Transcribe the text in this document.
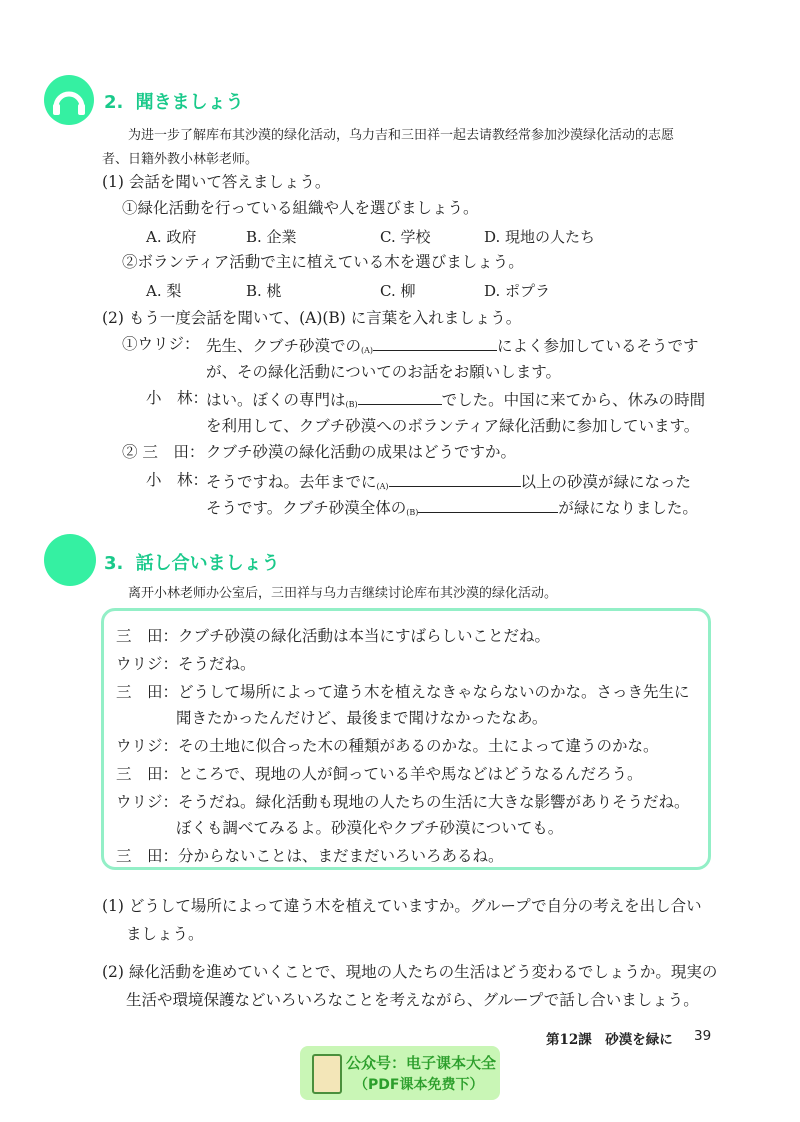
2. 聞きましょう
为进一步了解库布其沙漠的绿化活动，乌力吉和三田祥一起去请教经常参加沙漠绿化活动的志愿
者、日籍外教小林彰老师。
(1) 会話を聞いて答えましょう。
①緑化活動を行っている組織や人を選びましょう。
A. 政府	B. 企業	C. 学校	D. 現地の人たち
②ボランティア活動で主に植えている木を選びましょう。
A. 梨	B. 桃	C. 柳	D. ポプラ
(2) もう一度会話を聞いて、(A)(B) に言葉を入れましょう。
①ウリジ： 先生、クブチ砂漠での$_{(A)}$	によく参加しているそうです
が、その緑化活動についてのお話をお願いします。
小　林：
はい。ぼくの専門は$_{(B)}$	でした。中国に来てから、休みの時間
を利用して、クブチ砂漠へのボランティア緑化活動に参加しています。
② 三　田： クブチ砂漠の緑化活動の成果はどうですか。
小　林：
そうですね。去年までに$_{(A)}$	以上の砂漠が緑になった
そうです。クブチ砂漠全体の$_{(B)}$	が緑になりました。
3. 話し合いましょう
离开小林老师办公室后，三田祥与乌力吉继续讨论库布其沙漠的绿化活动。
三　田：クブチ砂漠の緑化活動は本当にすばらしいことだね。
ウリジ：そうだね。
三　田：どうして場所によって違う木を植えなきゃならないのかな。さっき先生に
聞きたかったんだけど、最後まで聞けなかったなあ。
ウリジ：その土地に似合った木の種類があるのかな。土によって違うのかな。
三　田：ところで、現地の人が飼っている羊や馬などはどうなるんだろう。
ウリジ：そうだね。緑化活動も現地の人たちの生活に大きな影響がありそうだね。
ぼくも調べてみるよ。砂漠化やクブチ砂漠についても。
三　田：分からないことは、まだまだいろいろあるね。
(1) どうして場所によって違う木を植えていますか。グループで自分の考えを出し合い
ましょう。
(2) 緑化活動を進めていくことで、現地の人たちの生活はどう変わるでしょうか。現実の
生活や環境保護などいろいろなことを考えながら、グループで話し合いましょう。
第12課　砂漠を緑に 39
公众号：电子课本大全
（PDF课本免费下）
